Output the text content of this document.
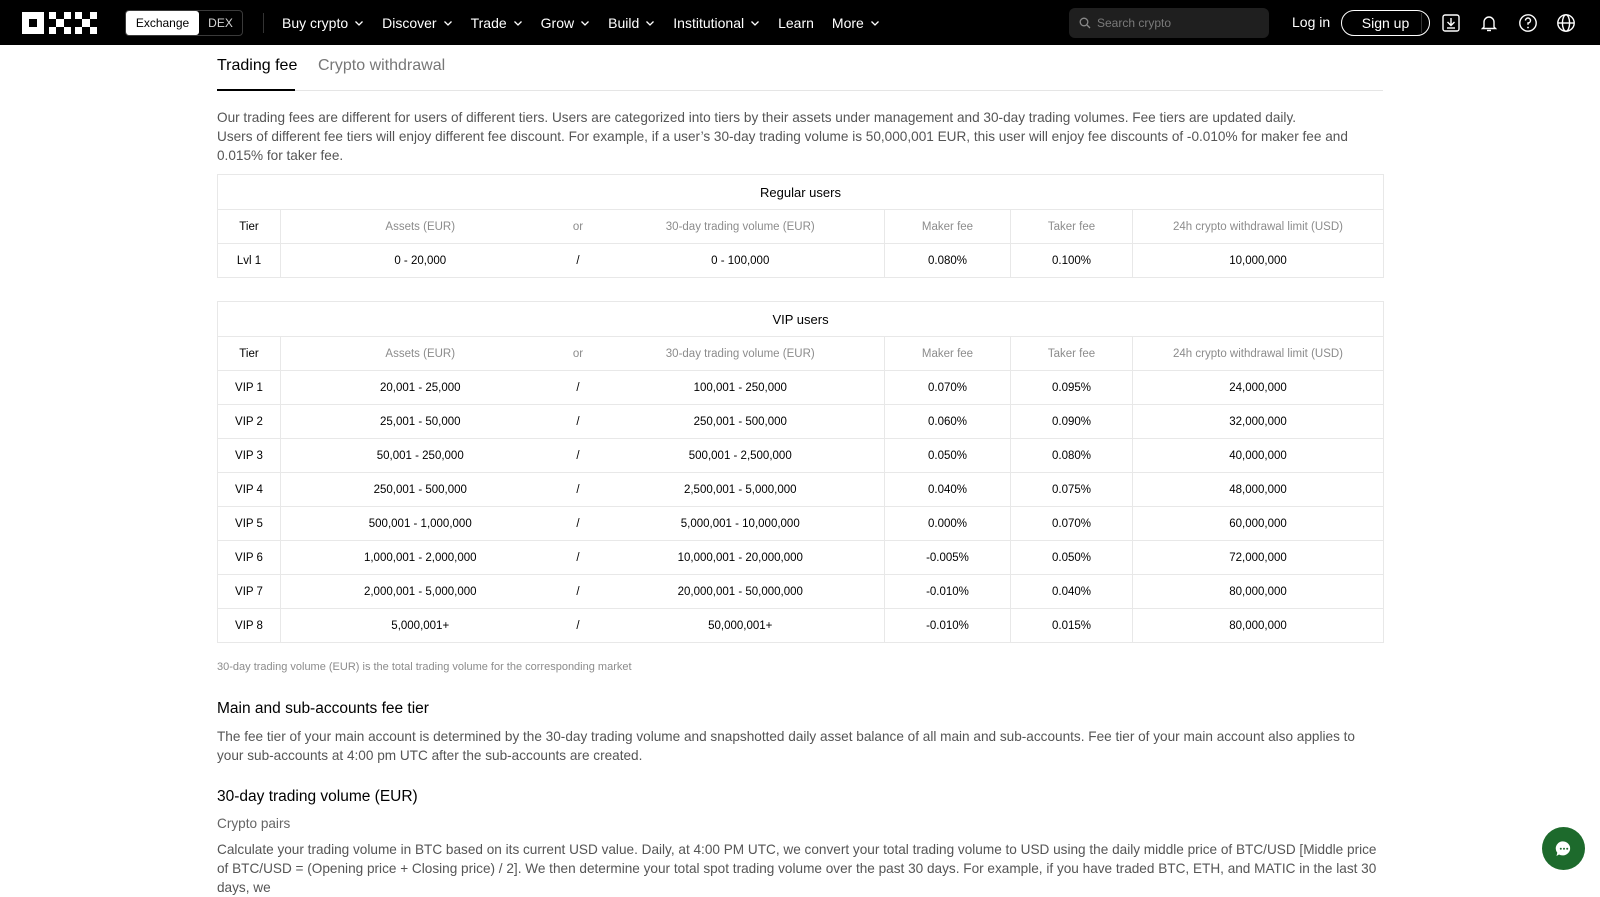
Exchange	DEX	Buy crypto Discover Trade Grow Build Institutional Learn More
Search crypto	Log in	Sign up
Trading fee Crypto withdrawal

Our trading fees are different for users of different tiers. Users are categorized into tiers by their assets under management and 30-day trading volumes. Fee tiers are updated daily.

Users of different fee tiers will enjoy different fee discount. For example, if a user’s 30-day trading volume is 50,000,001 EUR, this user will enjoy fee discounts of -0.010% for maker fee and 0.015% for taker fee.

Regular users						
Tier	Assets (EUR)	or	30-day trading volume (EUR)	Maker fee	Taker fee	24h crypto withdrawal limit (USD)
Lvl 1	0 - 20,000	/	0 - 100,000	0.080%	0.100%	10,000,000
VIP users						
Tier	Assets (EUR)	or	30-day trading volume (EUR)	Maker fee	Taker fee	24h crypto withdrawal limit (USD)
VIP 1	20,001 - 25,000	/	100,001 - 250,000	0.070%	0.095%	24,000,000
VIP 2	25,001 - 50,000	/	250,001 - 500,000	0.060%	0.090%	32,000,000
VIP 3	50,001 - 250,000	/	500,001 - 2,500,000	0.050%	0.080%	40,000,000
VIP 4	250,001 - 500,000	/	2,500,001 - 5,000,000	0.040%	0.075%	48,000,000
VIP 5	500,001 - 1,000,000	/	5,000,001 - 10,000,000	0.000%	0.070%	60,000,000
VIP 6	1,000,001 - 2,000,000	/	10,000,001 - 20,000,000	-0.005%	0.050%	72,000,000
VIP 7	2,000,001 - 5,000,000	/	20,000,001 - 50,000,000	-0.010%	0.040%	80,000,000
VIP 8	5,000,001+	/	50,000,001+	-0.010%	0.015%	80,000,000
30-day trading volume (EUR) is the total trading volume for the corresponding market
Main and sub-accounts fee tier
The fee tier of your main account is determined by the 30-day trading volume and snapshotted daily asset balance of all main and sub-accounts. Fee tier of your main account also applies to your sub-accounts at 4:00 pm UTC after the sub-accounts are created.
30-day trading volume (EUR)
Crypto pairs
Calculate your trading volume in BTC based on its current USD value. Daily, at 4:00 PM UTC, we convert your total trading volume to USD using the daily middle price of BTC/USD [Middle price of BTC/USD = (Opening price + Closing price) / 2]. We then determine your total spot trading volume over the past 30 days. For example, if you have traded BTC, ETH, and MATIC in the last 30 days, we
